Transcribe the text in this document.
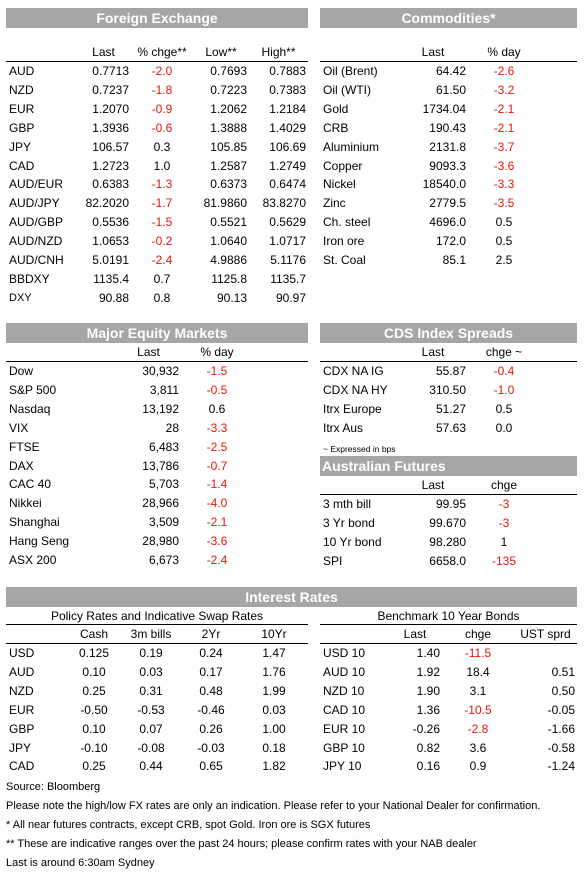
Foreign Exchange
	Last	% chge**	Low**	High**
AUD	0.7713	-2.0	0.7693	0.7883
NZD	0.7237	-1.8	0.7223	0.7383
EUR	1.2070	-0.9	1.2062	1.2184
GBP	1.3936	-0.6	1.3888	1.4029
JPY	106.57	0.3	105.85	106.69
CAD	1.2723	1.0	1.2587	1.2749
AUD/EUR	0.6383	-1.3	0.6373	0.6474
AUD/JPY	82.2020	-1.7	81.9860	83.8270
AUD/GBP	0.5536	-1.5	0.5521	0.5629
AUD/NZD	1.0653	-0.2	1.0640	1.0717
AUD/CNH	5.0191	-2.4	4.9886	5.1176
BBDXY	1135.4	0.7	1125.8	1135.7
DXY	90.88	0.8	90.13	90.97
Commodities*
	Last	% day	
Oil (Brent)	64.42	-2.6	
Oil (WTI)	61.50	-3.2	
Gold	1734.04	-2.1	
CRB	190.43	-2.1	
Aluminium	2131.8	-3.7	
Copper	9093.3	-3.6	
Nickel	18540.0	-3.3	
Zinc	2779.5	-3.5	
Ch. steel	4696.0	0.5	
Iron ore	172.0	0.5	
St. Coal	85.1	2.5	
Major Equity Markets
	Last	% day	
Dow	30,932	-1.5	
S&P 500	3,811	-0.5	
Nasdaq	13,192	0.6	
VIX	28	-3.3	
FTSE	6,483	-2.5	
DAX	13,786	-0.7	
CAC 40	5,703	-1.4	
Nikkei	28,966	-4.0	
Shanghai	3,509	-2.1	
Hang Seng	28,980	-3.6	
ASX 200	6,673	-2.4	
CDS Index Spreads
	Last	chge ~	
CDX NA IG	55.87	-0.4	
CDX NA HY	310.50	-1.0	
Itrx Europe	51.27	0.5	
Itrx Aus	57.63	0.0	
~ Expressed in bps
Australian Futures
	Last	chge	
3 mth bill	99.95	-3	
3 Yr bond	99.670	-3	
10 Yr bond	98.280	1	
SPI	6658.0	-135	
Interest Rates
Policy Rates and Indicative Swap Rates
	Cash	3m bills	2Yr	10Yr
USD	0.125	0.19	0.24	1.47
AUD	0.10	0.03	0.17	1.76
NZD	0.25	0.31	0.48	1.99
EUR	-0.50	-0.53	-0.46	0.03
GBP	0.10	0.07	0.26	1.00
JPY	-0.10	-0.08	-0.03	0.18
CAD	0.25	0.44	0.65	1.82
Benchmark 10 Year Bonds
	Last	chge	UST sprd
USD 10	1.40	-11.5	
AUD 10	1.92	18.4	0.51
NZD 10	1.90	3.1	0.50
CAD 10	1.36	-10.5	-0.05
EUR 10	-0.26	-2.8	-1.66
GBP 10	0.82	3.6	-0.58
JPY 10	0.16	0.9	-1.24
Source: Bloomberg
Please note the high/low FX rates are only an indication. Please refer to your National Dealer for confirmation.
* All near futures contracts, except CRB, spot Gold. Iron ore is SGX futures
** These are indicative ranges over the past 24 hours; please confirm rates with your NAB dealer
Last is around 6:30am Sydney
